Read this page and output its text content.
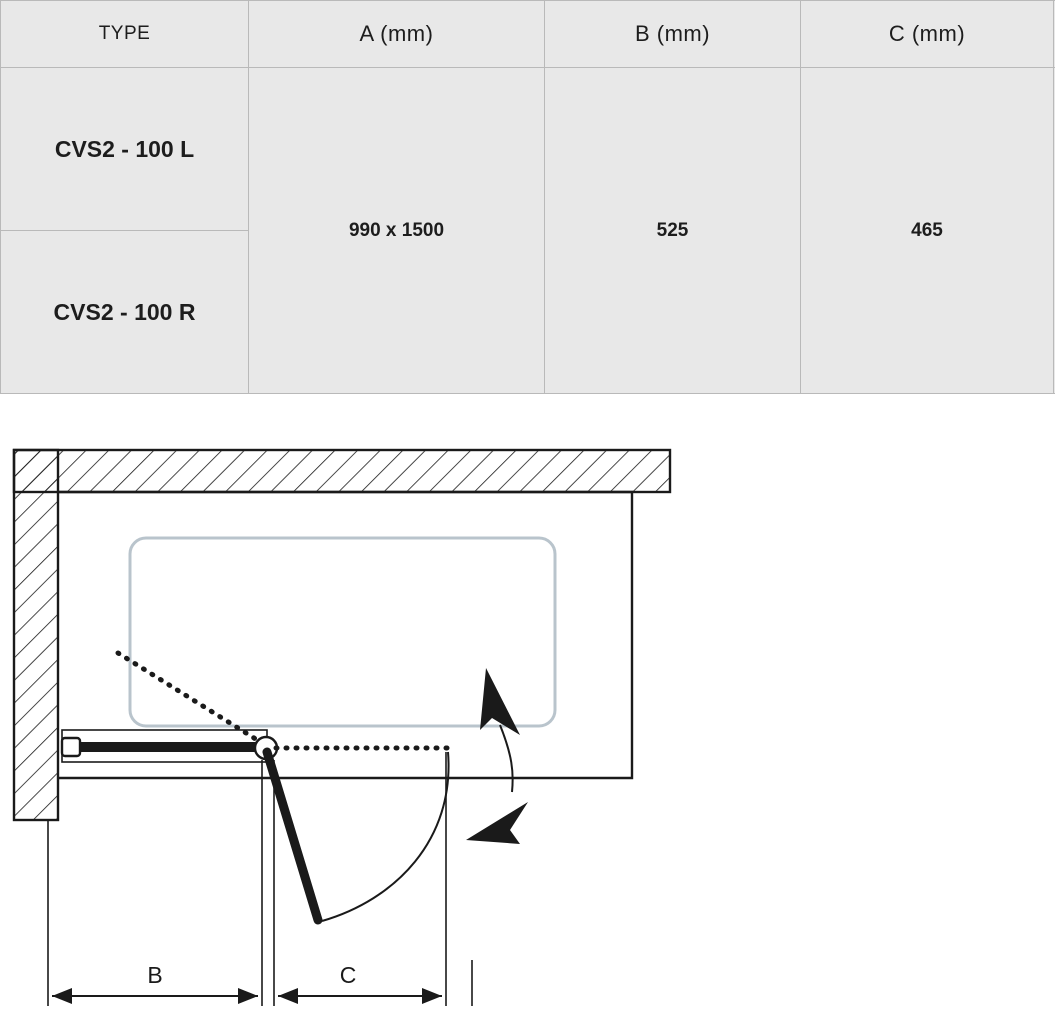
TYPE	A (mm)	B (mm)	C (mm)	
CVS2 - 100 L	990 x 1500	525	465	
CVS2 - 100 R				
B	C
